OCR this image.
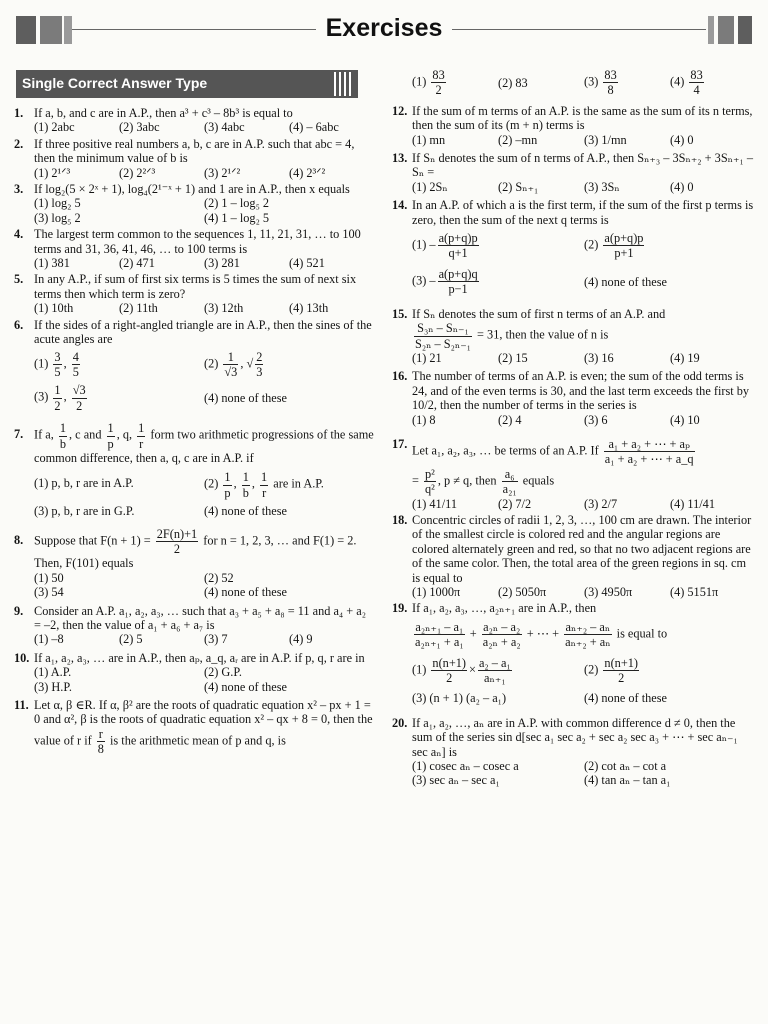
Exercises
Single Correct Answer Type
1. If a, b, and c are in A.P., then a³ + c³ – 8b³ is equal to
(1) 2abc	(2) 3abc	(3) 4abc	(4) – 6abc
2. If three positive real numbers a, b, c are in A.P. such that abc = 4, then the minimum value of b is
(1) 2¹ᐟ³	(2) 2²ᐟ³	(3) 2¹ᐟ²	(4) 2³ᐟ²
3. If log₂(5 × 2ˣ + 1), log₄(2¹⁻ˣ + 1) and 1 are in A.P., then x equals
(1) log₂ 5	(2) 1 – log₅ 2
(3) log₅ 2	(4) 1 – log₂ 5
4. The largest term common to the sequences 1, 11, 21, 31, … to 100 terms and 31, 36, 41, 46, … to 100 terms is
(1) 381	(2) 471	(3) 281	(4) 521
5. In any A.P., if sum of first six terms is 5 times the sum of next six terms then which term is zero?
(1) 10th	(2) 11th	(3) 12th	(4) 13th
6. If the sides of a right-angled triangle are in A.P., then the sines of the acute angles are
$(1) \frac{3}{5}$ , $\frac{4}{5}$	$(2) \frac{1}{√3}$ , √ $\frac{2}{3}$
$(3) \frac{1}{2}$ , $\frac{√3}{2}$	(4) none of these
7. If a, $\frac{1}{b}$ , c and $\frac{1}{p}$ , q, $\frac{1}{r}$ form two arithmetic progressions of the same common difference, then a, q, c are in A.P. if
(1) p, b, r are in A.P.	$(2) \frac{1}{p}$ , $\frac{1}{b}$ , $\frac{1}{r}$ are in A.P.
(3) p, b, r are in G.P.	(4) none of these
8. Suppose that $F(n + 1) = \frac{2F(n)+1}{2}$ for n = 1, 2, 3, … and F(1) = 2. Then, F(101) equals
(1) 50	(2) 52
(3) 54	(4) none of these
9. Consider an A.P. a₁, a₂, a₃, … such that a₃ + a₅ + a₈ = 11 and a₄ + a₂ = –2, then the value of a₁ + a₆ + a₇ is
(1) –8	(2) 5	(3) 7	(4) 9
10. If a₁, a₂, a₃, … are in A.P., then aₚ, a_q, aᵣ are in A.P. if p, q, r are in
(1) A.P.	(2) G.P.
(3) H.P.	(4) none of these
11. Let α, β ∈R. If α, β² are the roots of quadratic equation x² – px + 1 = 0 and α², β is the roots of quadratic equation x² – qx + 8 = 0, then the value of r if $\frac{r}{8}$ is the arithmetic mean of p and q, is
$(1) \frac{83}{2}$	(2) 83	$(3) \frac{83}{8}$	$(4) \frac{83}{4}$
12. If the sum of m terms of an A.P. is the same as the sum of its n terms, then the sum of its (m + n) terms is
(1) mn	(2) –mn	(3) 1/mn	(4) 0
13. If Sₙ denotes the sum of n terms of A.P., then Sₙ₊₃ – 3Sₙ₊₂ + 3Sₙ₊₁ – Sₙ =
(1) 2Sₙ	(2) Sₙ₊₁	(3) 3Sₙ	(4) 0
14. In an A.P. of which a is the first term, if the sum of the first p terms is zero, then the sum of the next q terms is
$(1) - \frac{a(p+q)p}{q+1}$	$(2) \frac{a(p+q)p}{p+1}$
$(3) - \frac{a(p+q)q}{p-1}$	(4) none of these
15. If Sₙ denotes the sum of first n terms of an A.P. and

$\frac{\text{S₃ₙ – Sₙ₋₁}}{\text{S₂ₙ – S₂ₙ₋₁}} = 31$, then the value of n is
(1) 21	(2) 15	(3) 16	(4) 19
16. The number of terms of an A.P. is even; the sum of the odd terms is 24, and of the even terms is 30, and the last term exceeds the first by 10/2, then the number of terms in the series is
(1) 8	(2) 4	(3) 6	(4) 10
17. Let a₁, a₂, a₃, … be terms of an A.P. If $\frac{\text{a₁ + a₂ + ⋯ + aₚ}}{\text{a₁ + a₂ + ⋯ + a\_q}}$

= $\frac{\text{p²}}{\text{q²}}$ , p ≠ q, then $\frac{\text{a₆}}{\text{a₂₁}}$ equals
(1) 41/11	(2) 7/2	(3) 2/7	(4) 11/41
18. Concentric circles of radii 1, 2, 3, …, 100 cm are drawn. The interior of the smallest circle is colored red and the angular regions are colored alternately green and red, so that no two adjacent regions are of the same color. Then, the total area of the green regions in sq. cm is equal to
(1) 1000π	(2) 5050π	(3) 4950π	(4) 5151π
19. If a₁, a₂, a₃, …, a₂ₙ₊₁ are in A.P., then
$\frac{\text{a₂ₙ₊₁ – a₁}}{\text{a₂ₙ₊₁ + a₁}} + \frac{\text{a₂ₙ – a₂}}{\text{a₂ₙ + a₂}}$ + ⋯ + $\frac{\text{aₙ₊₂ – aₙ}}{\text{aₙ₊₂ + aₙ}}$ is equal to
$(1) \frac{n(n+1)}{2} \times \frac{\text{a₂ – a₁}}{\text{aₙ₊₁}}$	$(2) \frac{n(n+1)}{2}$
(3) (n + 1) (a₂ – a₁)	(4) none of these
20. If a₁, a₂, …, aₙ are in A.P. with common difference d ≠ 0, then the sum of the series sin d[sec a₁ sec a₂ + sec a₂ sec a₃ + ⋯ + sec aₙ₋₁ sec aₙ] is
(1) cosec aₙ – cosec a	(2) cot aₙ – cot a
(3) sec aₙ – sec a₁	(4) tan aₙ – tan a₁
